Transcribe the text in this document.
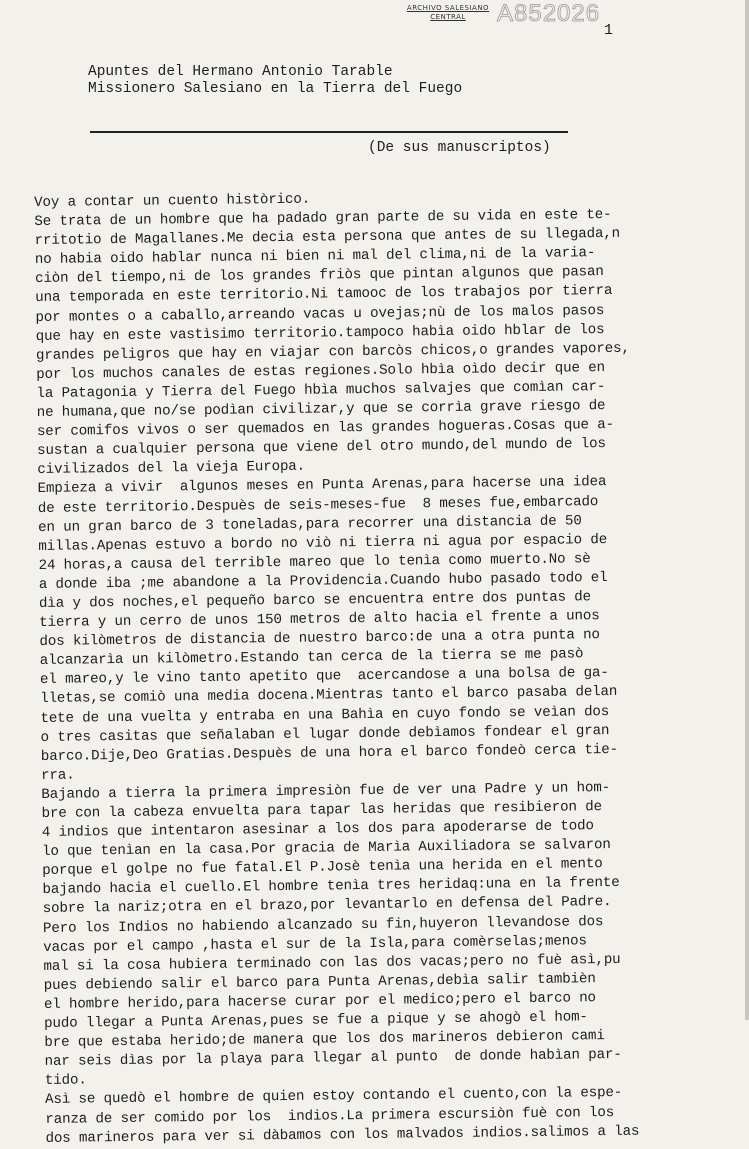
ARCHIVO SALESIANO
CENTRAL	A852026
1
Apuntes del Hermano Antonio Tarable
Missionero Salesiano en la Tierra del Fuego
(De sus manuscriptos)
Voy a contar un cuento històrico.
Se trata de un hombre que ha padado gran parte de su vida en este te-
rritotio de Magallanes.Me decia esta persona que antes de su llegada,n
no habia oido hablar nunca ni bien ni mal del clima,ni de la varia-
ciòn del tiempo,ni de los grandes friòs que pintan algunos que pasan
una temporada en este territorio.Ni tamooc de los trabajos por tierra
por montes o a caballo,arreando vacas u ovejas;nù de los malos pasos
que hay en este vastìsimo territorio.tampoco habìa oido hblar de los
grandes peligros que hay en viajar con barcòs chicos,o grandes vapores,
por los muchos canales de estas regiones.Solo hbìa oìdo decir que en
la Patagonia y Tierra del Fuego hbìa muchos salvajes que comìan car-
ne humana,que no/se podìan civilizar,y que se corrìa grave riesgo de
ser comifos vivos o ser quemados en las grandes hogueras.Cosas que a-
sustan a cualquier persona que viene del otro mundo,del mundo de los
civilizados del la vieja Europa.
Empieza a vivir  algunos meses en Punta Arenas,para hacerse una idea
de este territorio.Despuès de seis-meses-fue  8 meses fue,embarcado
en un gran barco de 3 toneladas,para recorrer una distancia de 50
millas.Apenas estuvo a bordo no viò ni tierra ni agua por espacio de
24 horas,a causa del terrible mareo que lo tenìa como muerto.No sè
a donde iba ;me abandone a la Providencia.Cuando hubo pasado todo el
dìa y dos noches,el pequeño barco se encuentra entre dos puntas de
tierra y un cerro de unos 150 metros de alto hacia el frente a unos
dos kilòmetros de distancia de nuestro barco:de una a otra punta no
alcanzarìa un kilòmetro.Estando tan cerca de la tierra se me pasò
el mareo,y le vino tanto apetito que  acercandose a una bolsa de ga-
lletas,se comiò una media docena.Mientras tanto el barco pasaba delan
tete de una vuelta y entraba en una Bahìa en cuyo fondo se veìan dos
o tres casitas que señalaban el lugar donde debìamos fondear el gran
barco.Dije,Deo Gratias.Despuès de una hora el barco fondeò cerca tie-
rra.
Bajando a tierra la primera impresiòn fue de ver una Padre y un hom-
bre con la cabeza envuelta para tapar las heridas que resibieron de
4 indios que intentaron asesinar a los dos para apoderarse de todo
lo que tenìan en la casa.Por gracia de Marìa Auxiliadora se salvaron
porque el golpe no fue fatal.El P.Josè tenìa una herida en el mento
bajando hacia el cuello.El hombre tenìa tres heridaq:una en la frente
sobre la nariz;otra en el brazo,por levantarlo en defensa del Padre.
Pero los Indios no habiendo alcanzado su fin,huyeron llevandose dos
vacas por el campo ,hasta el sur de la Isla,para comèrselas;menos
mal si la cosa hubiera terminado con las dos vacas;pero no fuè asì,pu
pues debiendo salir el barco para Punta Arenas,debìa salir tambièn
el hombre herido,para hacerse curar por el medico;pero el barco no
pudo llegar a Punta Arenas,pues se fue a pique y se ahogò el hom-
bre que estaba herido;de manera que los dos marineros debieron cami
nar seis dìas por la playa para llegar al punto  de donde habìan par-
tido.
Asì se quedò el hombre de quien estoy contando el cuento,con la espe-
ranza de ser comido por los  indios.La primera escursiòn fuè con los
dos marineros para ver si dàbamos con los malvados indios.salimos a las
